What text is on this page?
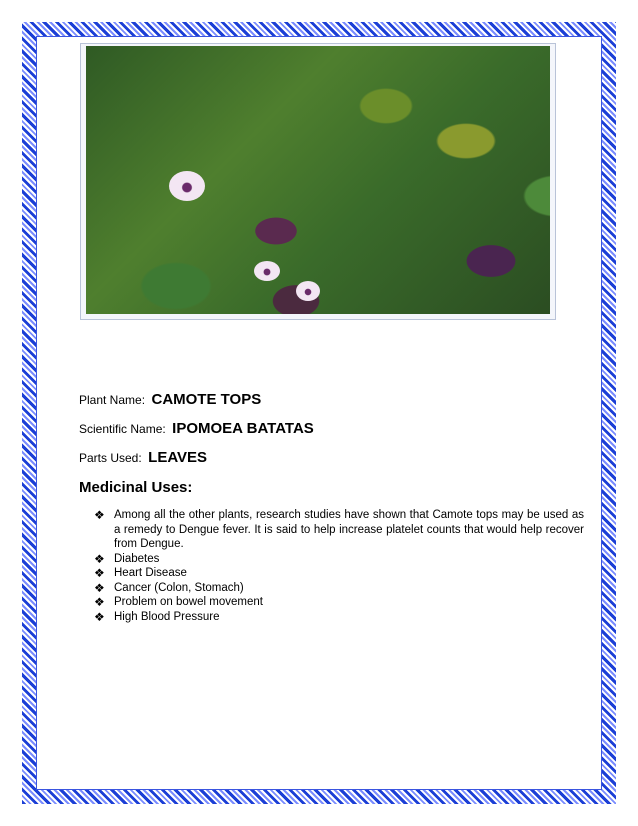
Plant Name: CAMOTE TOPS
Scientific Name: IPOMOEA BATATAS
Parts Used: LEAVES
Medicinal Uses:
❖ Among all the other plants, research studies have shown that Camote tops may be used as a remedy to Dengue fever. It is said to help increase platelet counts that would help recover from Dengue.
❖ Diabetes
❖ Heart Disease
❖ Cancer (Colon, Stomach)
❖ Problem on bowel movement
❖ High Blood Pressure
